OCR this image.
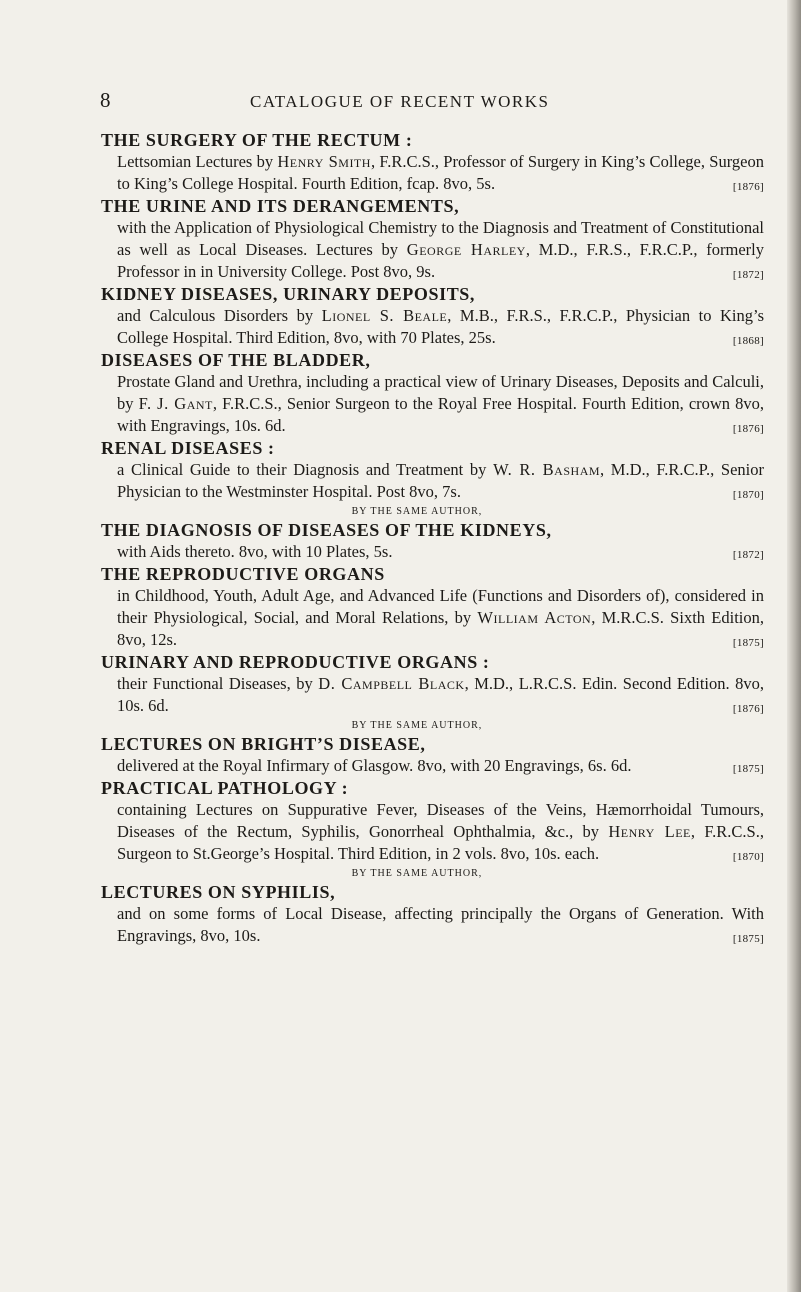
8	CATALOGUE OF RECENT WORKS
THE SURGERY OF THE RECTUM :
Lettsomian Lectures by Henry Smith, F.R.C.S., Professor of Surgery in King’s College, Surgeon to King’s College Hospital. Fourth Edition, fcap. 8vo, 5s.	[1876]
THE URINE AND ITS DERANGEMENTS,
with the Application of Physiological Chemistry to the Diagnosis and Treatment of Constitutional as well as Local Diseases. Lectures by George Harley, M.D., F.R.S., F.R.C.P., formerly Professor in in University College. Post 8vo, 9s.	[1872]
KIDNEY DISEASES, URINARY DEPOSITS,
and Calculous Disorders by Lionel S. Beale, M.B., F.R.S., F.R.C.P., Physician to King’s College Hospital. Third Edition, 8vo, with 70 Plates, 25s.	[1868]
DISEASES OF THE BLADDER,
Prostate Gland and Urethra, including a practical view of Urinary Diseases, Deposits and Calculi, by F. J. Gant, F.R.C.S., Senior Surgeon to the Royal Free Hospital. Fourth Edition, crown 8vo, with Engravings, 10s. 6d.	[1876]
RENAL DISEASES :
a Clinical Guide to their Diagnosis and Treatment by W. R. Basham, M.D., F.R.C.P., Senior Physician to the Westminster Hospital. Post 8vo, 7s.	[1870]
BY THE SAME AUTHOR,
THE DIAGNOSIS OF DISEASES OF THE KIDNEYS,
with Aids thereto. 8vo, with 10 Plates, 5s.	[1872]
THE REPRODUCTIVE ORGANS
in Childhood, Youth, Adult Age, and Advanced Life (Functions and Disorders of), considered in their Physiological, Social, and Moral Relations, by William Acton, M.R.C.S. Sixth Edition, 8vo, 12s.	[1875]
URINARY AND REPRODUCTIVE ORGANS :
their Functional Diseases, by D. Campbell Black, M.D., L.R.C.S. Edin. Second Edition. 8vo, 10s. 6d.	[1876]
BY THE SAME AUTHOR,
LECTURES ON BRIGHT’S DISEASE,
delivered at the Royal Infirmary of Glasgow. 8vo, with 20 Engravings, 6s. 6d.	[1875]
PRACTICAL PATHOLOGY :
containing Lectures on Suppurative Fever, Diseases of the Veins, Hæmorrhoidal Tumours, Diseases of the Rectum, Syphilis, Gonorrheal Ophthalmia, &c., by Henry Lee, F.R.C.S., Surgeon to St.George’s Hospital. Third Edition, in 2 vols. 8vo, 10s. each.	[1870]
BY THE SAME AUTHOR,
LECTURES ON SYPHILIS,
and on some forms of Local Disease, affecting principally the Organs of Generation. With Engravings, 8vo, 10s.	[1875]
